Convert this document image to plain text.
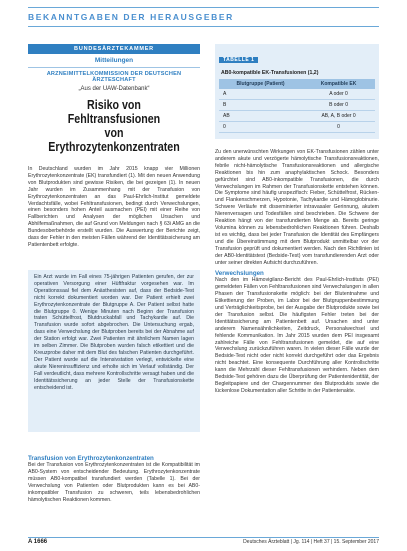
BEKANNTGABEN DER HERAUSGEBER
BUNDESÄRZTEKAMMER
Mitteilungen
ARZNEIMITTELKOMMISSION DER DEUTSCHEN ÄRZTESCHAFT
„Aus der UAW-Datenbank“
Risiko von Fehltransfusionen
von Erythrozytenkonzentraten
In Deutschland wurden im Jahr 2015 knapp vier Millionen Erythrozytenkonzentrate (EK) transfundiert (1). Mit den neuen Anwendung von Blutprodukten sind gewisse Risiken, die bei gezeigen (1). In neuen Jahr wurden im Zusammenhang mit der Transfusion von Erythrozytenkonzentraten an das Paul-Ehrlich-Institut gemeldete Verdachtsfälle, wobei Fehltransfusionen, bedingt durch Verwechslungen, einen besonders hohen Anteil ausmachen (PEI) mit einer Reihe von Fallberichten und Analysen der möglichen Ursachen und Abhilfemaßnahmen, die auf Grund von Meldungen nach § 63i AMG an die Bundesoberbehörde erstellt wurden. Die Auswertung der Berichte zeigt, dass der Fehler in den meisten Fällen während der Identitätssicherung am Patientenbett erfolgte.
Ein Arzt wurde im Fall eines 75-jährigen Patienten gerufen, der zur operativen Versorgung einer Hüftfraktur vorgesehen war. Im Operationssaal fiel dem Anästhesisten auf, dass der Bedside-Test nicht korrekt dokumentiert worden war. Der Patient erhielt zwei Erythrozytenkonzentrate der Blutgruppe A. Der Patient selbst hatte die Blutgruppe 0. Wenige Minuten nach Beginn der Transfusion traten Schüttelfrost, Blutdruckabfall und Tachykardie auf. Die Transfusion wurde sofort abgebrochen. Die Untersuchung ergab, dass eine Verwechslung der Blutproben bereits bei der Abnahme auf der Station erfolgt war. Zwei Patienten mit ähnlichem Namen lagen im selben Zimmer. Die Blutproben wurden falsch etikettiert und die Kreuzprobe daher mit dem Blut des falschen Patienten durchgeführt. Der Patient wurde auf die Intensivstation verlegt, entwickelte eine akute Niereninsuffizienz und erholte sich im Verlauf vollständig. Der Fall verdeutlicht, dass mehrere Kontrollschritte versagt haben und die Identitätssicherung an jeder Stelle der Transfusionskette entscheidend ist.
Transfusion von Erythrozytenkonzentraten
Bei der Transfusion von Erythrozytenkonzentraten ist die Kompatibilität im AB0-System von entscheidender Bedeutung. Erythrozytenkonzentrate müssen AB0-kompatibel transfundiert werden (Tabelle 1). Bei der Verwechslung von Patienten oder Blutprodukten kann es bei AB0-inkompatibler Transfusion zu schweren, teils lebensbedrohlichen hämolytischen Reaktionen kommen.
TABELLE 1
AB0-kompatible EK-Transfusionen (1,2)
Blutgruppe (Patient)	Kompatible EK
A	A oder 0
B	B oder 0
AB	AB, A, B oder 0
0	0
Zu den unerwünschten Wirkungen von EK-Transfusionen zählen unter anderem akute und verzögerte hämolytische Transfusionsreaktionen, febrile nicht-hämolytische Transfusionsreaktionen und allergische Reaktionen bis hin zum anaphylaktischen Schock. Besonders gefürchtet sind AB0-inkompatible Transfusionen, die durch Verwechslungen im Rahmen der Transfusionskette entstehen können. Die Symptome sind häufig unspezifisch: Fieber, Schüttelfrost, Rücken- und Flankenschmerzen, Hypotonie, Tachykardie und Hämoglobinurie. Schwere Verläufe mit disseminierter intravasaler Gerinnung, akutem Nierenversagen und Todesfällen sind beschrieben. Die Schwere der Reaktion hängt von der transfundierten Menge ab. Bereits geringe Volumina können zu lebensbedrohlichen Reaktionen führen. Deshalb ist es wichtig, dass bei jeder Transfusion die Identität des Empfängers und die Übereinstimmung mit dem Blutprodukt unmittelbar vor der Transfusion geprüft und dokumentiert werden. Nach den Richtlinien ist der AB0-Identitätstest (Bedside-Test) vom transfundierenden Arzt oder unter seiner direkten Aufsicht durchzuführen.
Verwechslungen
Nach den im Hämovigilanz-Bericht des Paul-Ehrlich-Instituts (PEI) gemeldeten Fällen von Fehltransfusionen sind Verwechslungen in allen Phasen der Transfusionskette möglich: bei der Blutentnahme und Etikettierung der Proben, im Labor bei der Blutgruppenbestimmung und Verträglichkeitsprobe, bei der Ausgabe der Blutprodukte sowie bei der Transfusion selbst. Die häufigsten Fehler treten bei der Identitätssicherung am Patientenbett auf. Ursachen sind unter anderem Namensähnlichkeiten, Zeitdruck, Personalwechsel und fehlende Kommunikation. Im Jahr 2015 wurden dem PEI insgesamt zahlreiche Fälle von Fehltransfusionen gemeldet, die auf eine Verwechslung zurückzuführen waren. In vielen dieser Fälle wurde der Bedside-Test nicht oder nicht korrekt durchgeführt oder das Ergebnis nicht beachtet. Eine konsequente Durchführung aller Kontrollschritte kann die Mehrzahl dieser Fehltransfusionen verhindern. Neben dem Bedside-Test gehören dazu die Überprüfung der Patientenidentität, der Begleitpapiere und der Chargennummer des Blutprodukts sowie die lückenlose Dokumentation aller Schritte in der Patientenakte.
A 1666	Deutsches Ärzteblatt | Jg. 114 | Heft 37 | 15. September 2017
